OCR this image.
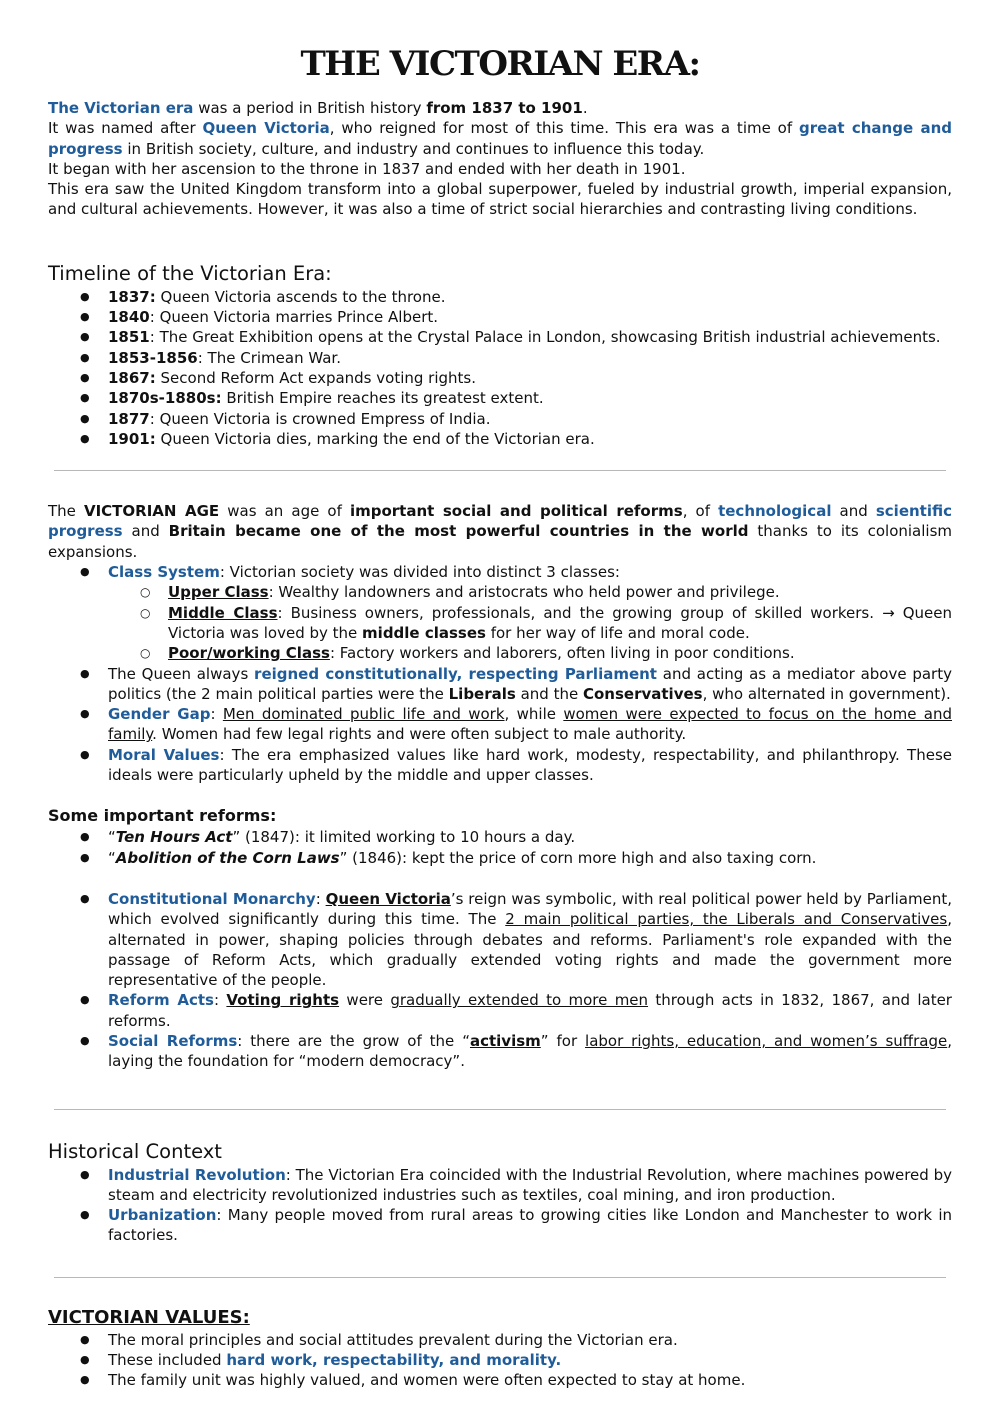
THE VICTORIAN ERA:

The Victorian era was a period in British history from 1837 to 1901.

It was named after Queen Victoria, who reigned for most of this time. This era was a time of great change and progress in British society, culture, and industry and continues to influence this today.

It began with her ascension to the throne in 1837 and ended with her death in 1901.

This era saw the United Kingdom transform into a global superpower, fueled by industrial growth, imperial expansion, and cultural achievements. However, it was also a time of strict social hierarchies and contrasting living conditions.

Timeline of the Victorian Era:
● 1837: Queen Victoria ascends to the throne.
● 1840: Queen Victoria marries Prince Albert.
● 1851: The Great Exhibition opens at the Crystal Palace in London, showcasing British industrial achievements.
● 1853-1856: The Crimean War.
● 1867: Second Reform Act expands voting rights.
● 1870s-1880s: British Empire reaches its greatest extent.
● 1877: Queen Victoria is crowned Empress of India.
● 1901: Queen Victoria dies, marking the end of the Victorian era.

The VICTORIAN AGE was an age of important social and political reforms, of technological and scientific progress and Britain became one of the most powerful countries in the world thanks to its colonialism expansions.

● Class System: Victorian society was divided into distinct 3 classes:
○ Upper Class: Wealthy landowners and aristocrats who held power and privilege.
○ Middle Class: Business owners, professionals, and the growing group of skilled workers. → Queen Victoria was loved by the middle classes for her way of life and moral code.
○ Poor/working Class: Factory workers and laborers, often living in poor conditions.
● The Queen always reigned constitutionally, respecting Parliament and acting as a mediator above party politics (the 2 main political parties were the Liberals and the Conservatives, who alternated in government).
● Gender Gap: Men dominated public life and work, while women were expected to focus on the home and family. Women had few legal rights and were often subject to male authority.
● Moral Values: The era emphasized values like hard work, modesty, respectability, and philanthropy. These ideals were particularly upheld by the middle and upper classes.
Some important reforms:
● “Ten Hours Act” (1847): it limited working to 10 hours a day.
● “Abolition of the Corn Laws” (1846): kept the price of corn more high and also taxing corn.
● Constitutional Monarchy: Queen Victoria’s reign was symbolic, with real political power held by Parliament, which evolved significantly during this time. The 2 main political parties, the Liberals and Conservatives, alternated in power, shaping policies through debates and reforms. Parliament's role expanded with the passage of Reform Acts, which gradually extended voting rights and made the government more representative of the people.
● Reform Acts: Voting rights were gradually extended to more men through acts in 1832, 1867, and later reforms.
● Social Reforms: there are the grow of the “activism” for labor rights, education, and women’s suffrage, laying the foundation for “modern democracy”.
Historical Context
● Industrial Revolution: The Victorian Era coincided with the Industrial Revolution, where machines powered by steam and electricity revolutionized industries such as textiles, coal mining, and iron production.
● Urbanization: Many people moved from rural areas to growing cities like London and Manchester to work in factories.
VICTORIAN VALUES:
● The moral principles and social attitudes prevalent during the Victorian era.
● These included hard work, respectability, and morality.
● The family unit was highly valued, and women were often expected to stay at home.
